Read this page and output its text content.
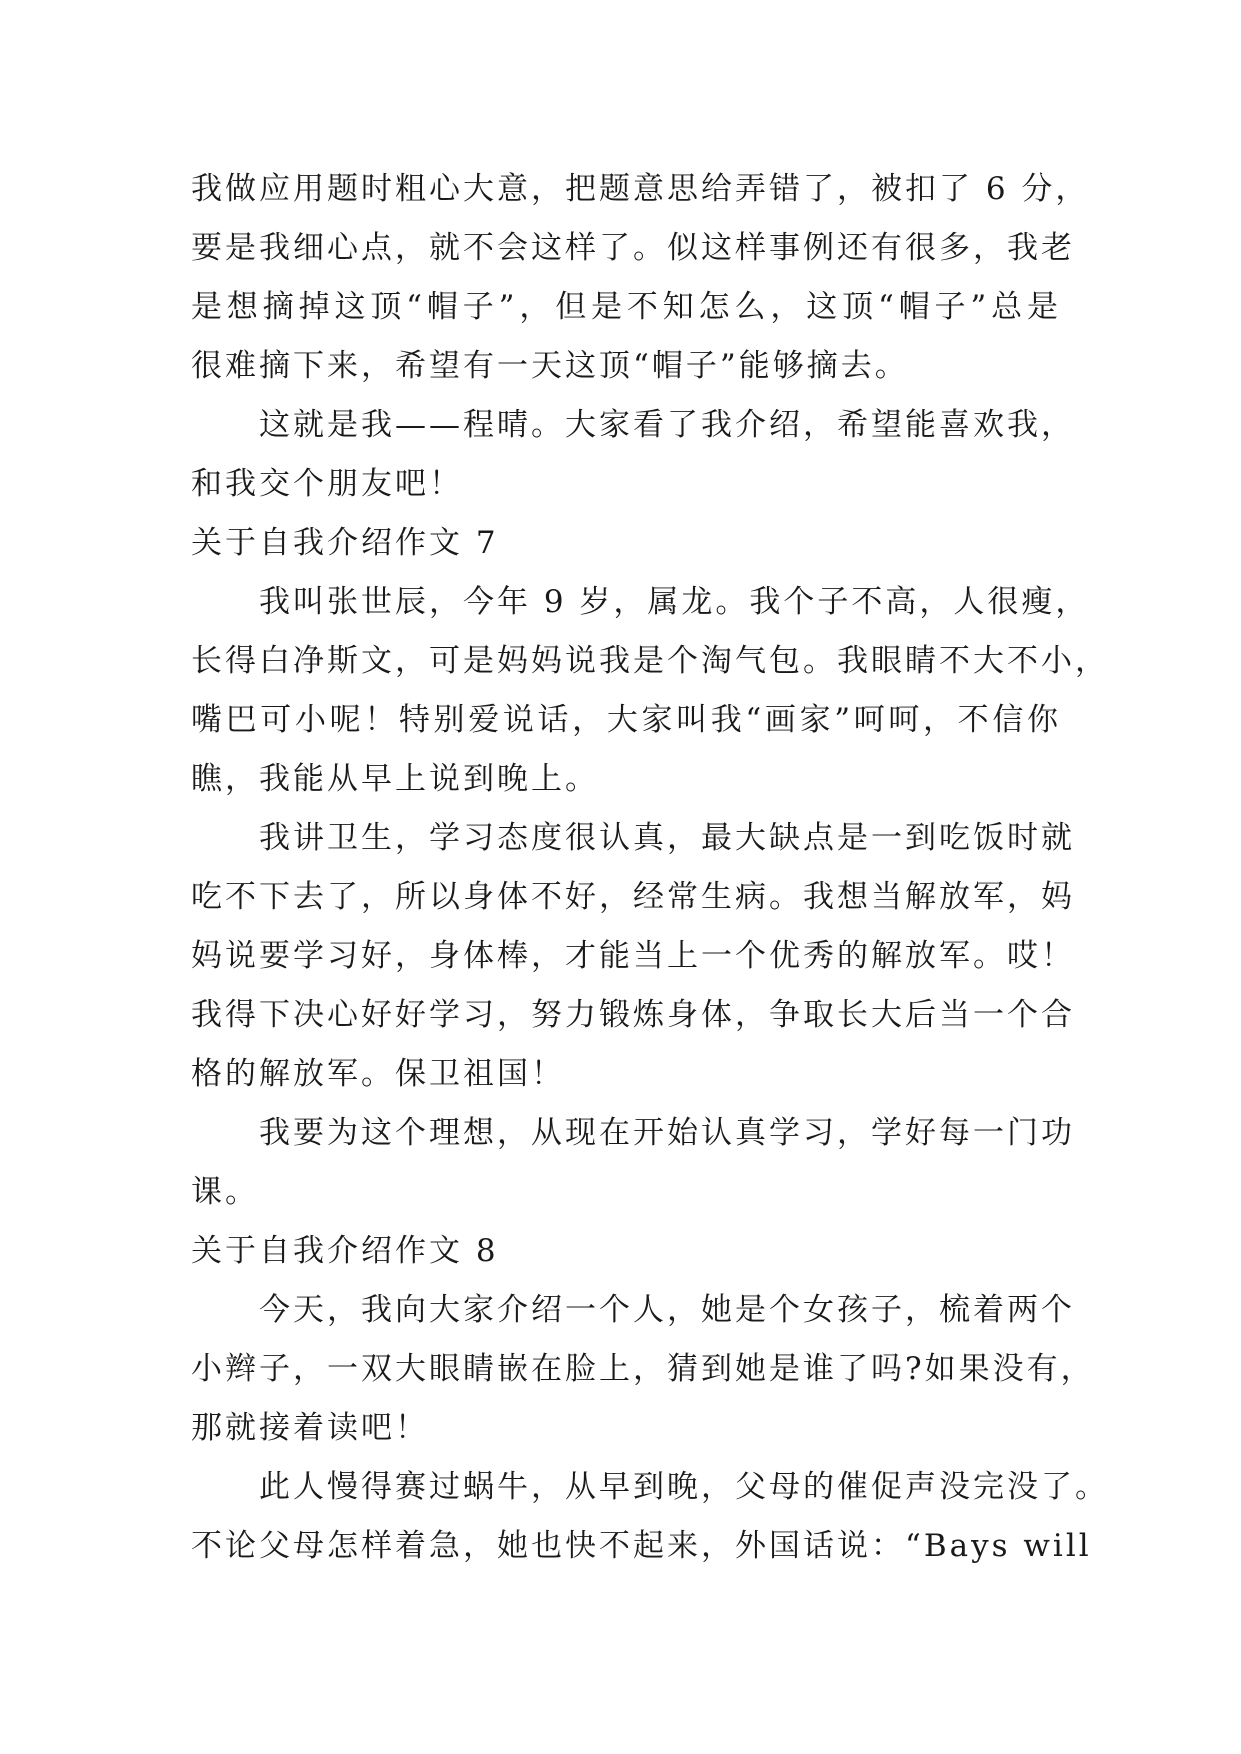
我做应用题时粗心大意，把题意思给弄错了，被扣了 6 分，
要是我细心点，就不会这样了。似这样事例还有很多，我老
是想摘掉这顶“帽子”，但是不知怎么，这顶“帽子”总是
很难摘下来，希望有一天这顶“帽子”能够摘去。
这就是我——程晴。大家看了我介绍，希望能喜欢我，
和我交个朋友吧！
关于自我介绍作文 7
我叫张世辰，今年 9 岁，属龙。我个子不高，人很瘦，
长得白净斯文，可是妈妈说我是个淘气包。我眼睛不大不小，
嘴巴可小呢！特别爱说话，大家叫我“画家”呵呵，不信你
瞧，我能从早上说到晚上。
我讲卫生，学习态度很认真，最大缺点是一到吃饭时就
吃不下去了，所以身体不好，经常生病。我想当解放军，妈
妈说要学习好，身体棒，才能当上一个优秀的解放军。哎！
我得下决心好好学习，努力锻炼身体，争取长大后当一个合
格的解放军。保卫祖国！
我要为这个理想，从现在开始认真学习，学好每一门功
课。
关于自我介绍作文 8
今天，我向大家介绍一个人，她是个女孩子，梳着两个
小辫子，一双大眼睛嵌在脸上，猜到她是谁了吗?如果没有，
那就接着读吧！
此人慢得赛过蜗牛，从早到晚，父母的催促声没完没了。
不论父母怎样着急，她也快不起来，外国话说：“Bays will
